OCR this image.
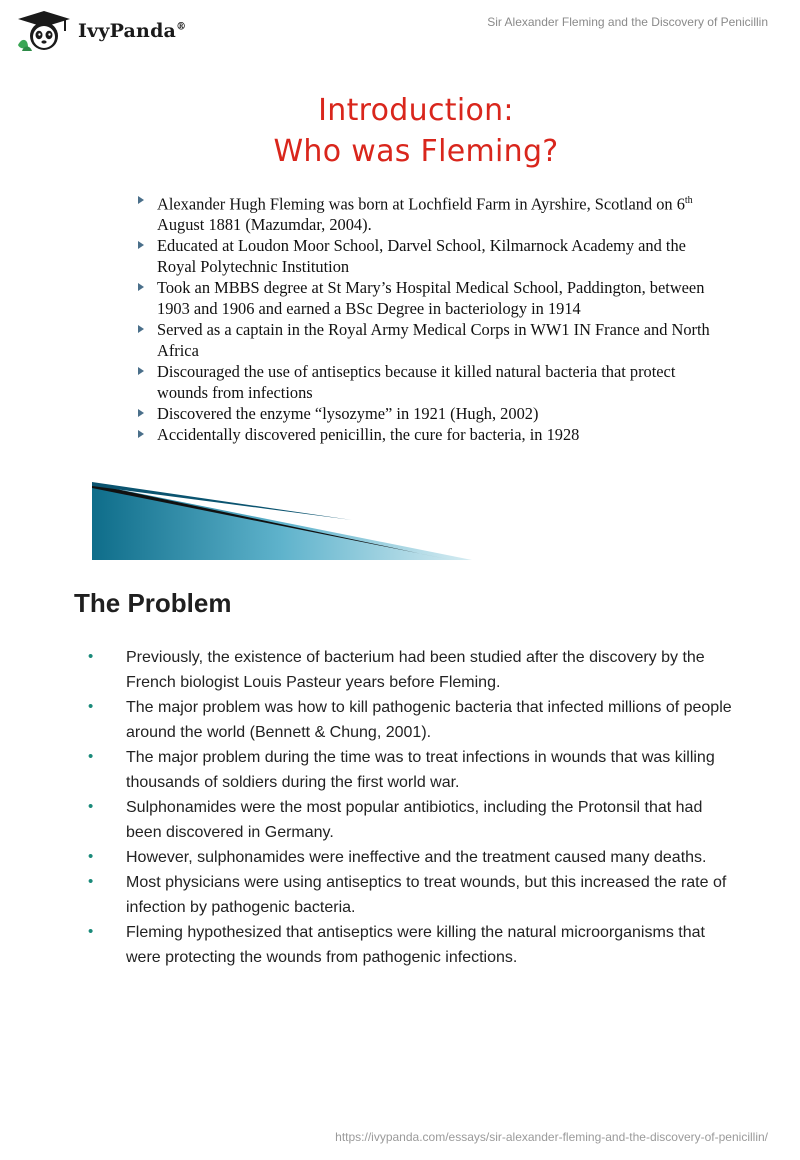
IvyPanda®	Sir Alexander Fleming and the Discovery of Penicillin
Introduction:
Who was Fleming?
Alexander Hugh Fleming was born at Lochfield Farm in Ayrshire, Scotland on 6th August 1881 (Mazumdar, 2004).
Educated at Loudon Moor School, Darvel School, Kilmarnock Academy and the Royal Polytechnic Institution
Took an MBBS degree at St Mary’s Hospital Medical School, Paddington, between 1903 and 1906 and earned a BSc Degree in bacteriology in 1914
Served as a captain in the Royal Army Medical Corps in WW1 IN France and North Africa
Discouraged the use of antiseptics because it killed natural bacteria that protect wounds from infections
Discovered the enzyme “lysozyme” in 1921 (Hugh, 2002)
Accidentally discovered penicillin, the cure for bacteria, in 1928
The Problem
• Previously, the existence of bacterium had been studied after the discovery by the French biologist Louis Pasteur years before Fleming.
• The major problem was how to kill pathogenic bacteria that infected millions of people around the world (Bennett & Chung, 2001).
• The major problem during the time was to treat infections in wounds that was killing thousands of soldiers during the first world war.
• Sulphonamides were the most popular antibiotics, including the Protonsil that had been discovered in Germany.
• However, sulphonamides were ineffective and the treatment caused many deaths.
• Most physicians were using antiseptics to treat wounds, but this increased the rate of infection by pathogenic bacteria.
• Fleming hypothesized that antiseptics were killing the natural microorganisms that were protecting the wounds from pathogenic infections.
https://ivypanda.com/essays/sir-alexander-fleming-and-the-discovery-of-penicillin/
